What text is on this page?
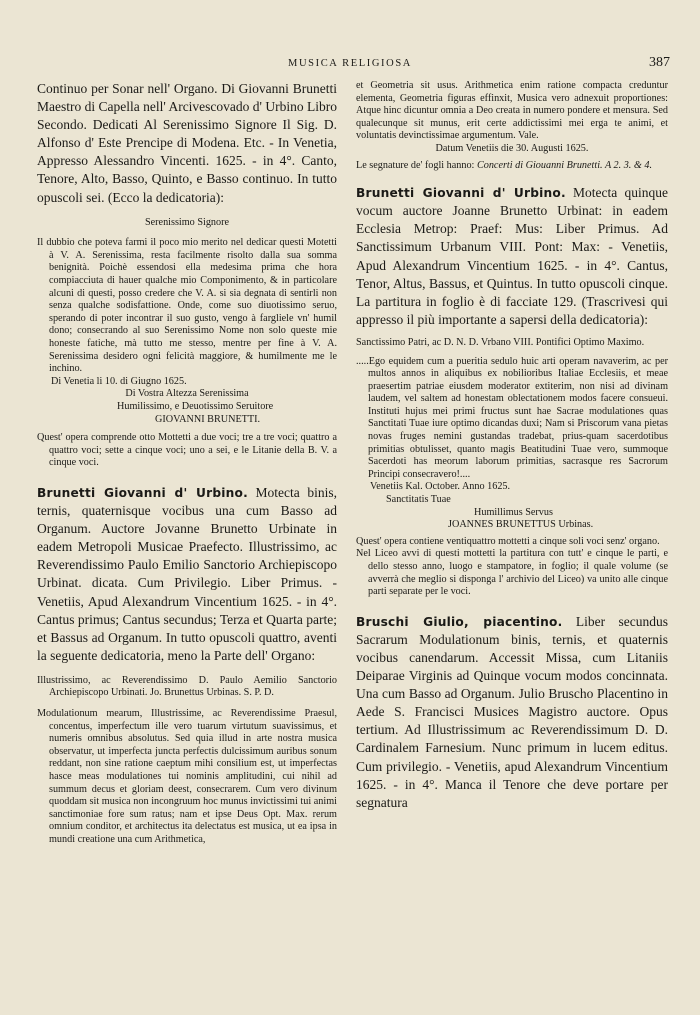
MUSICA RELIGIOSA	387

Continuo per Sonar nell' Organo. Di Giovanni Brunetti Maestro di Capella nell' Arcivescovado d' Urbino Libro Secondo. Dedicati Al Serenissimo Signore Il Sig. D. Alfonso d' Este Prencipe di Modena. Etc. - In Venetia, Appresso Alessandro Vincenti. 1625. - in 4°. Canto, Tenore, Alto, Basso, Quinto, e Basso continuo. In tutto opuscoli sei. (Ecco la dedicatoria):

Serenissimo Signore

Il dubbio che poteva farmi il poco mio merito nel dedicar questi Motetti à V. A. Serenissima, resta facilmente risolto dalla sua somma benignità. Poichè essendosi ella medesima prima che hora compiacciuta di hauer qualche mio Componimento, & in particolare alcuni di questi, posso credere che V. A. si sia degnata di sentirli non senza qualche sodisfattione. Onde, come suo diuotissimo seruo, sperando di poter incontrar il suo gusto, vengo à fargliele vn' humil dono; consecrando al suo Serenissimo Nome non solo queste mie honeste fatiche, mà tutto me stesso, mentre per fine à V. A. Serenissima desidero ogni felicità maggiore, & humilmente me le inchino.

Di Venetia li 10. di Giugno 1625.

Di Vostra Altezza Serenissima

Humilissimo, e Deuotissimo Seruitore

GIOVANNI BRUNETTI.

Quest' opera comprende otto Mottetti a due voci; tre a tre voci; quattro a quattro voci; sette a cinque voci; uno a sei, e le Litanie della B. V. a cinque voci.

Brunetti Giovanni d' Urbino. Motecta binis, ternis, quaternisque vocibus una cum Basso ad Organum. Auctore Jovanne Brunetto Urbinate in eadem Metropoli Musicae Praefecto. Illustrissimo, ac Reverendissimo Paulo Emilio Sanctorio Archiepiscopo Urbinat. dicata. Cum Privilegio. Liber Primus. - Venetiis, Apud Alexandrum Vincentium 1625. - in 4°. Cantus primus; Cantus secundus; Terza et Quarta parte; et Bassus ad Organum. In tutto opuscoli quattro, aventi la seguente dedicatoria, meno la Parte dell' Organo:

Illustrissimo, ac Reverendissimo D. Paulo Aemilio Sanctorio Archiepiscopo Urbinati. Jo. Brunettus Urbinas. S. P. D.

Modulationum mearum, Illustrissime, ac Reverendissime Praesul, concentus, imperfectum ille vero tuarum virtutum suavissimus, et numeris omnibus absolutus. Sed quia illud in arte nostra musica observatur, ut imperfecta juncta perfectis dulcissimum auribus sonum reddant, non sine ratione caeptum mihi consilium est, ut imperfectas hasce meas modulationes tui nominis amplitudini, cui nihil ad summum decus et gloriam deest, consecrarem. Cum vero divinum quoddam sit musica non incongruum hoc munus invictissimi tui animi sanctimoniae fore sum ratus; nam et ipse Deus Opt. Max. rerum omnium conditor, et architectus ita delectatus est musica, ut ea ipsa in mundi creatione una cum Arithmetica,

et Geometria sit usus. Arithmetica enim ratione compacta creduntur elementa, Geometria figuras effinxit, Musica vero adnexuit proportiones: Atque hinc dicuntur omnia a Deo creata in numero pondere et mensura. Sed qualecunque sit munus, erit certe addictissimi mei erga te animi, et voluntatis devinctissimae argumentum. Vale.

Datum Venetiis die 30. Augusti 1625.

Le segnature de' fogli hanno: Concerti di Giouanni Brunetti. A 2. 3. & 4.

Brunetti Giovanni d' Urbino. Motecta quinque vocum auctore Joanne Brunetto Urbinat: in eadem Ecclesia Metrop: Praef: Mus: Liber Primus. Ad Sanctissimum Urbanum VIII. Pont: Max: - Venetiis, Apud Alexandrum Vincentium 1625. - in 4°. Cantus, Tenor, Altus, Bassus, et Quintus. In tutto opuscoli cinque. La partitura in foglio è di facciate 129. (Trascrivesi qui appresso il più importante a sapersi della dedicatoria):

Sanctissimo Patri, ac D. N. D. Vrbano VIII. Pontifici Optimo Maximo.

.....Ego equidem cum a pueritia sedulo huic arti operam navaverim, ac per multos annos in aliquibus ex nobilioribus Italiae Ecclesiis, et meae praesertim patriae eiusdem moderator extiterim, non nisi ad divinam laudem, vel saltem ad honestam oblectationem modos facere consueui. Instituti hujus mei primi fructus sunt hae Sacrae modulationes quas Sanctitati Tuae iure optimo dicandas duxi; Nam si Priscorum vana pietas novas fruges nemini gustandas tradebat, prius-quam sacerdotibus primitias obtulisset, quanto magis Beatitudini Tuae vero, summoque Sacerdoti has meorum laborum primitias, sacrasque res Sacrorum Principi consecravero!....

Venetiis Kal. October. Anno 1625.

Sanctitatis Tuae

Humillimus Servus

JOANNES BRUNETTUS Urbinas.

Quest' opera contiene ventiquattro mottetti a cinque soli voci senz' organo.

Nel Liceo avvi di questi mottetti la partitura con tutt' e cinque le parti, e dello stesso anno, luogo e stampatore, in foglio; il quale volume (se avverrà che meglio si disponga l' archivio del Liceo) va unito alle cinque parti separate per le voci.

Bruschi Giulio, piacentino. Liber secundus Sacrarum Modulationum binis, ternis, et quaternis vocibus canendarum. Accessit Missa, cum Litaniis Deiparae Virginis ad Quinque vocum modos concinnata. Una cum Basso ad Organum. Julio Bruscho Placentino in Aede S. Francisci Musices Magistro auctore. Opus tertium. Ad Illustrissimum ac Reverendissimum D. D. Cardinalem Farnesium. Nunc primum in lucem editus. Cum privilegio. - Venetiis, apud Alexandrum Vincentium 1625. - in 4°. Manca il Tenore che deve portare per segnatura
